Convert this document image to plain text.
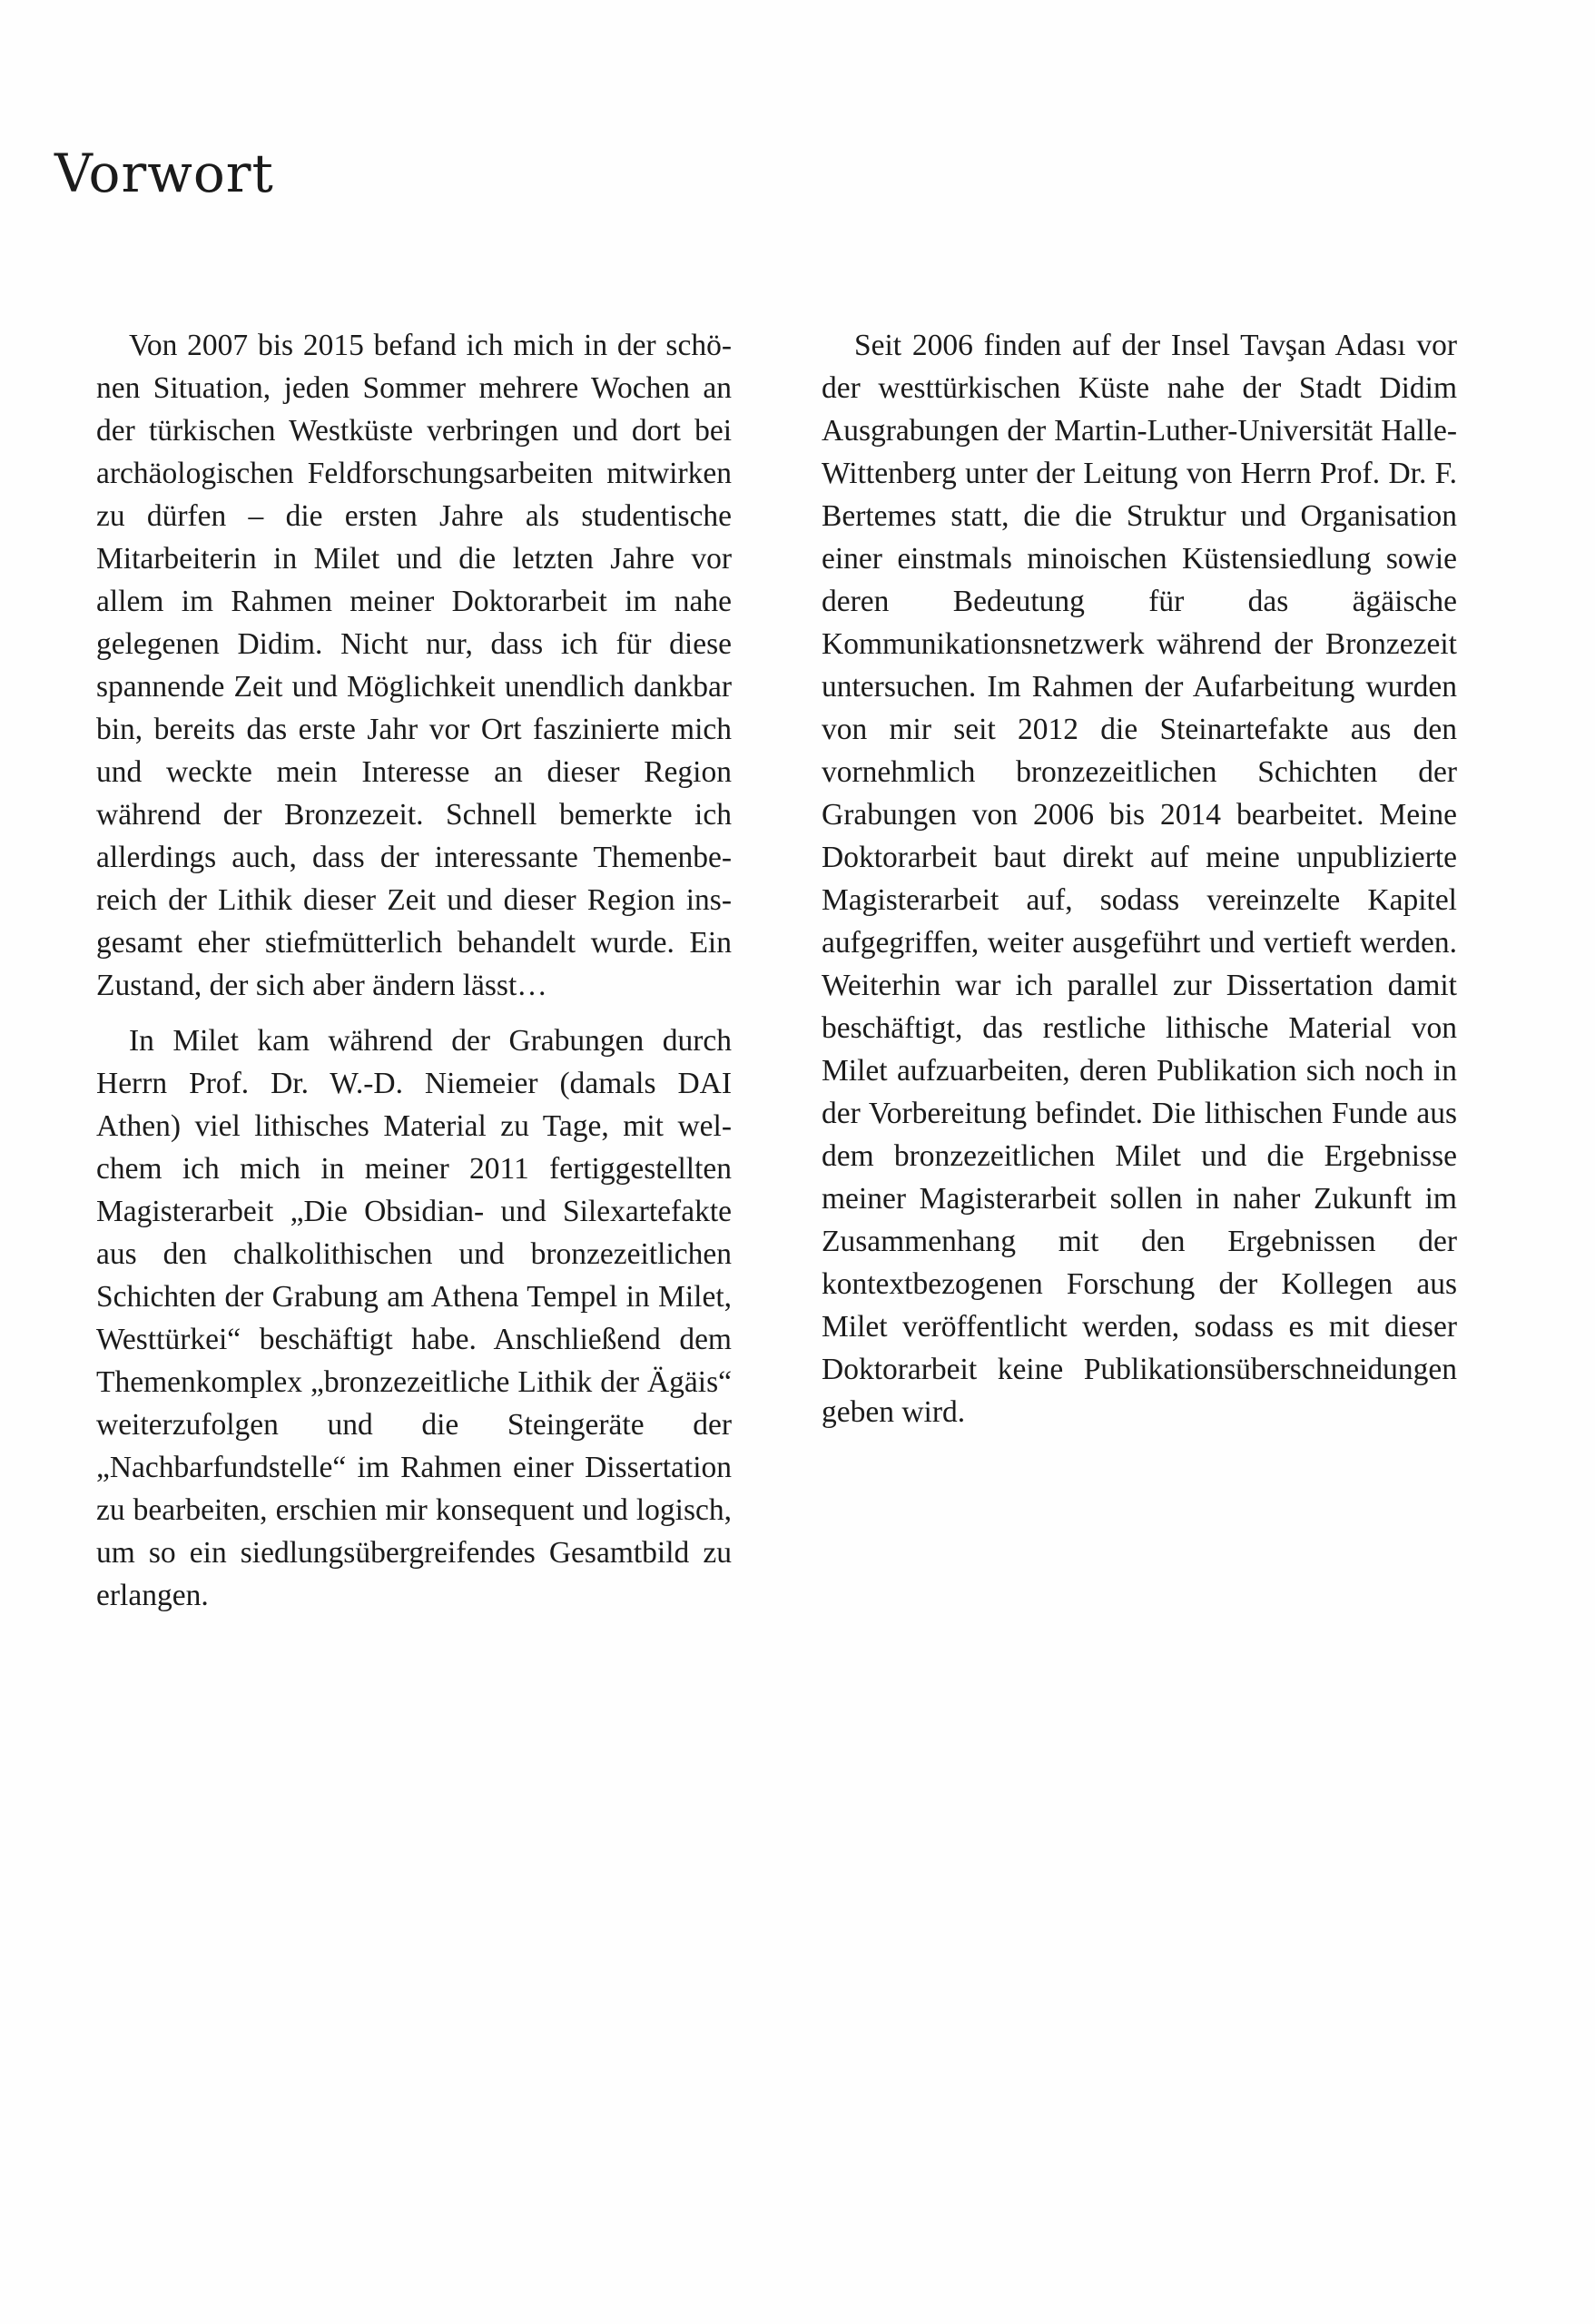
Vorwort

Von 2007 bis 2015 befand ich mich in der schönen Situation, jeden Sommer mehrere Wochen an der türkischen Westküste verbringen und dort bei archäologischen Feldforschungsarbeiten mitwirken zu dürfen – die ersten Jahre als studentische Mitarbeiterin in Milet und die letzten Jahre vor allem im Rahmen meiner Doktorarbeit im nahe gelegenen Didim. Nicht nur, dass ich für diese spannende Zeit und Möglichkeit unendlich dankbar bin, bereits das erste Jahr vor Ort faszinierte mich und weckte mein Interesse an dieser Region während der Bronzezeit. Schnell bemerkte ich allerdings auch, dass der interessante Themenbereich der Lithik dieser Zeit und dieser Region insgesamt eher stiefmütterlich behandelt wurde. Ein Zustand, der sich aber ändern lässt…

In Milet kam während der Grabungen durch Herrn Prof. Dr. W.-D. Niemeier (damals DAI Athen) viel lithisches Material zu Tage, mit welchem ich mich in meiner 2011 fertiggestellten Magisterarbeit „Die Obsidian- und Silexartefakte aus den chalkolithischen und bronzezeitlichen Schichten der Grabung am Athena Tempel in Milet, Westtürkei“ beschäftigt habe. Anschließend dem Themenkomplex „bronzezeitliche Lithik der Ägäis“ weiterzufolgen und die Steingeräte der „Nachbarfundstelle“ im Rahmen einer Dissertation zu bearbeiten, erschien mir konsequent und logisch, um so ein siedlungsübergreifendes Gesamtbild zu erlangen.

Seit 2006 finden auf der Insel Tavşan Adası vor der westtürkischen Küste nahe der Stadt Didim Ausgrabungen der Martin-Luther-Universität Halle-Wittenberg unter der Leitung von Herrn Prof. Dr. F. Bertemes statt, die die Struktur und Organisation einer einstmals minoischen Küstensiedlung sowie deren Bedeutung für das ägäische Kommunikationsnetzwerk während der Bronzezeit untersuchen. Im Rahmen der Aufarbeitung wurden von mir seit 2012 die Steinartefakte aus den vornehmlich bronzezeitlichen Schichten der Grabungen von 2006 bis 2014 bearbeitet. Meine Doktorarbeit baut direkt auf meine unpublizierte Magisterarbeit auf, sodass vereinzelte Kapitel aufgegriffen, weiter ausgeführt und vertieft werden. Weiterhin war ich parallel zur Dissertation damit beschäftigt, das restliche lithische Material von Milet aufzuarbeiten, deren Publikation sich noch in der Vorbereitung befindet. Die lithischen Funde aus dem bronzezeitlichen Milet und die Ergebnisse meiner Magisterarbeit sollen in naher Zukunft im Zusammenhang mit den Ergebnissen der kontextbezogenen Forschung der Kollegen aus Milet veröffentlicht werden, sodass es mit dieser Doktorarbeit keine Publikationsüberschneidungen geben wird.
